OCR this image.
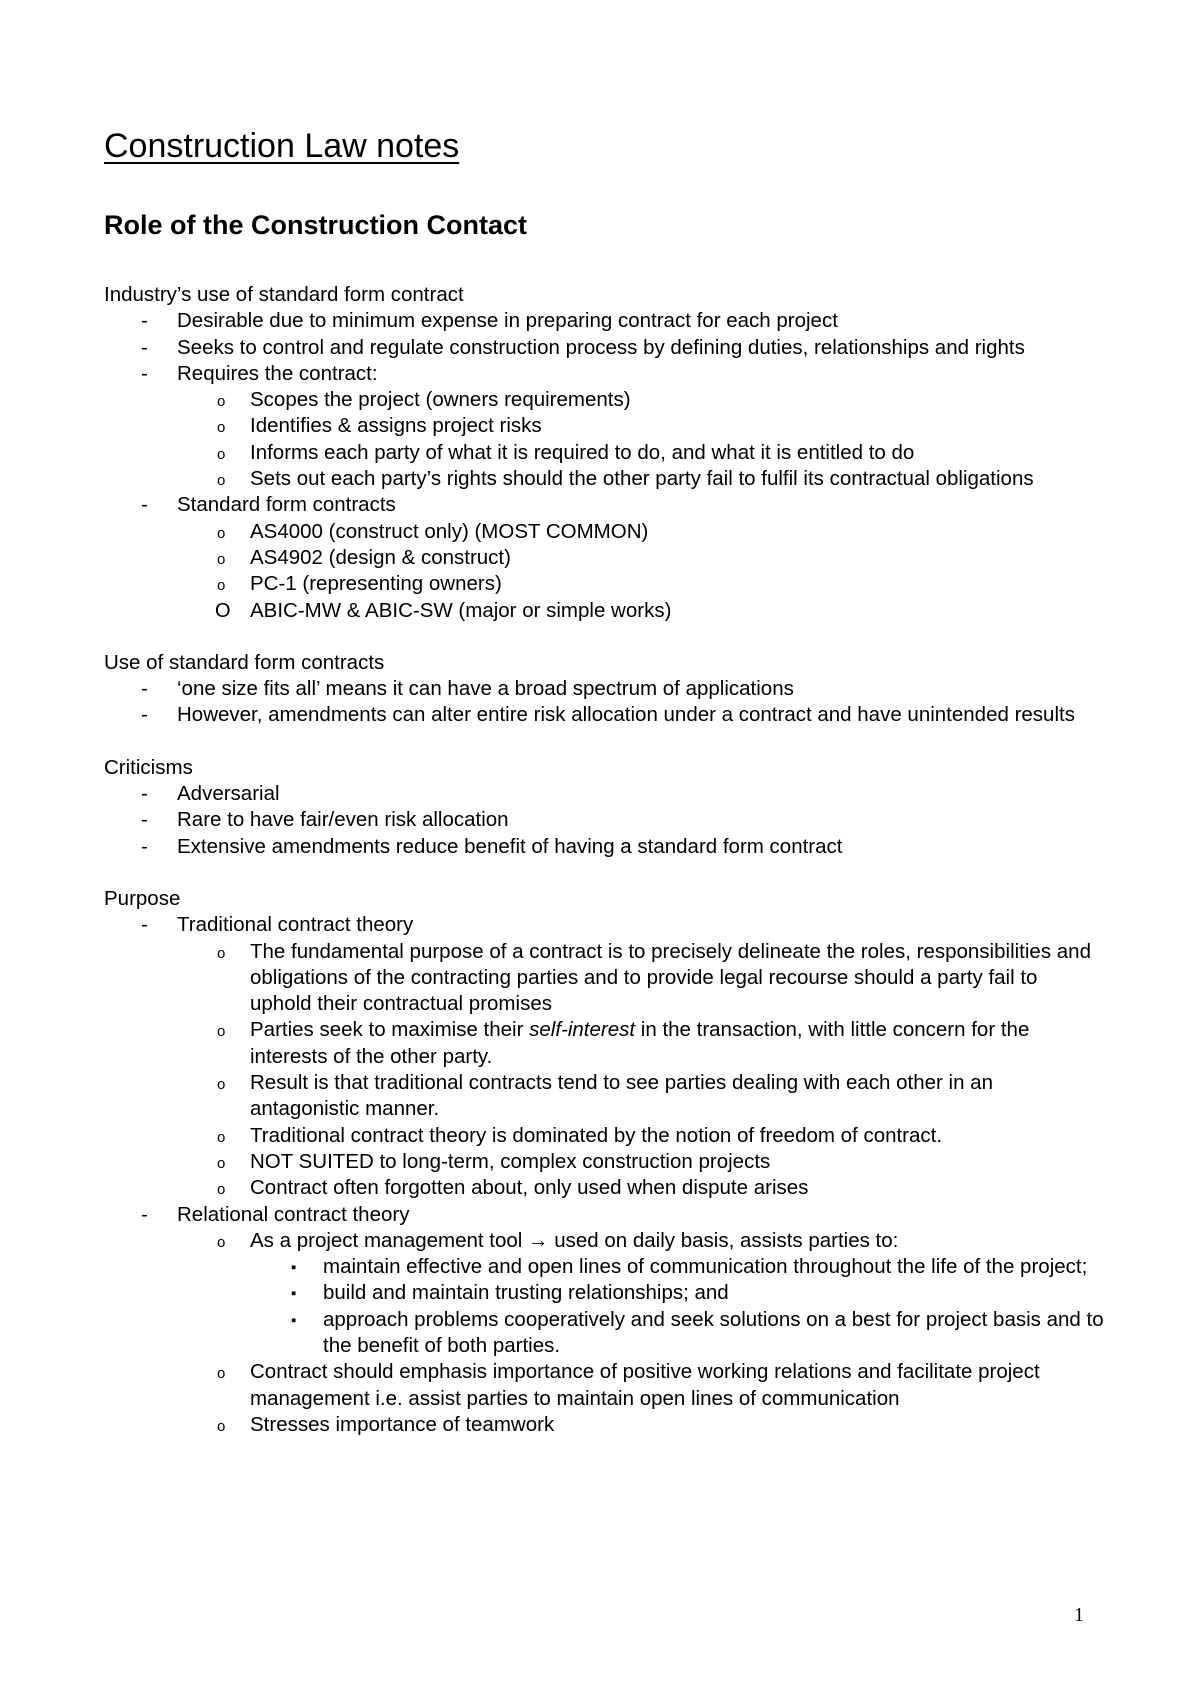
Construction Law notes
Role of the Construction Contact

Industry’s use of standard form contract

- Desirable due to minimum expense in preparing contract for each project
- Seeks to control and regulate construction process by defining duties, relationships and rights
- Requires the contract:
o Scopes the project (owners requirements)
o Identifies & assigns project risks
o Informs each party of what it is required to do, and what it is entitled to do
o Sets out each party’s rights should the other party fail to fulfil its contractual obligations
- Standard form contracts
o AS4000 (construct only) (MOST COMMON)
o AS4902 (design & construct)
o PC-1 (representing owners)
O ABIC-MW & ABIC-SW (major or simple works)

Use of standard form contracts

- ‘one size fits all’ means it can have a broad spectrum of applications
- However, amendments can alter entire risk allocation under a contract and have unintended results

Criticisms

- Adversarial
- Rare to have fair/even risk allocation
- Extensive amendments reduce benefit of having a standard form contract

Purpose

- Traditional contract theory
o The fundamental purpose of a contract is to precisely delineate the roles, responsibilities and obligations of the contracting parties and to provide legal recourse should a party fail to uphold their contractual promises
o Parties seek to maximise their self-interest in the transaction, with little concern for the interests of the other party.
o Result is that traditional contracts tend to see parties dealing with each other in an antagonistic manner.
o Traditional contract theory is dominated by the notion of freedom of contract.
o NOT SUITED to long-term, complex construction projects
o Contract often forgotten about, only used when dispute arises
- Relational contract theory
o As a project management tool → used on daily basis, assists parties to:
▪ maintain effective and open lines of communication throughout the life of the project;
▪ build and maintain trusting relationships; and
▪ approach problems cooperatively and seek solutions on a best for project basis and to the benefit of both parties.
o Contract should emphasis importance of positive working relations and facilitate project management i.e. assist parties to maintain open lines of communication
o Stresses importance of teamwork
1
